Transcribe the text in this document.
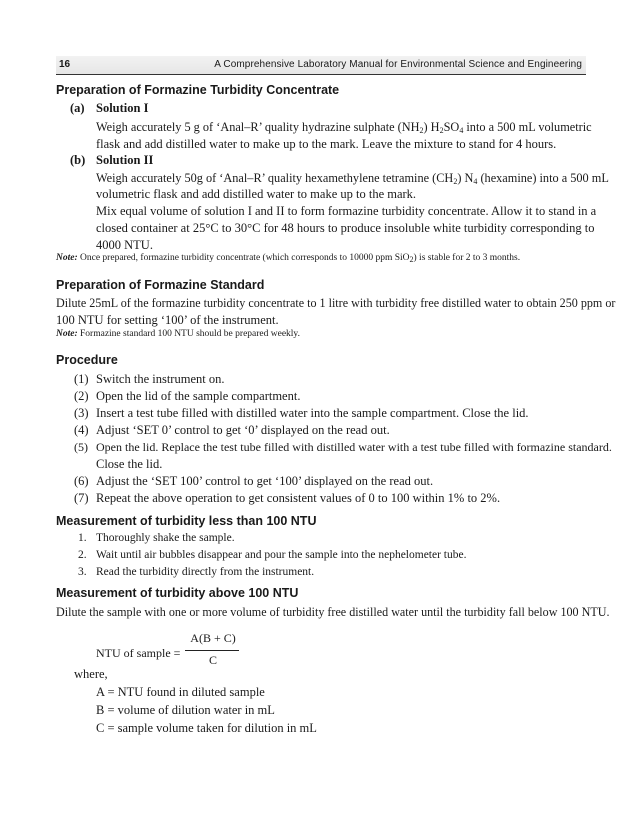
16	A Comprehensive Laboratory Manual for Environmental Science and Engineering
Preparation of Formazine Turbidity Concentrate
(a) Solution I
Weigh accurately 5 g of ‘Anal–R’ quality hydrazine sulphate $(NH_2)$ $H_2SO_4$ into a 500 mL volumetric
flask and add distilled water to make up to the mark. Leave the mixture to stand for 4 hours.
(b) Solution II
Weigh accurately 50g of ‘Anal–R’ quality hexamethylene tetramine $(CH_2)$ $N_4$ (hexamine) into a 500 mL
volumetric flask and add distilled water to make up to the mark.
Mix equal volume of solution I and II to form formazine turbidity concentrate. Allow it to stand in a
closed container at 25°C to 30°C for 48 hours to produce insoluble white turbidity corresponding to
4000 NTU.
Note: Once prepared, formazine turbidity concentrate (which corresponds to 10000 ppm SiO$_2$) is stable for 2 to 3 months.
Preparation of Formazine Standard
Dilute 25mL of the formazine turbidity concentrate to 1 litre with turbidity free distilled water to obtain 250 ppm or
100 NTU for setting ‘100’ of the instrument.
Note: Formazine standard 100 NTU should be prepared weekly.
Procedure
(1) Switch the instrument on.
(2) Open the lid of the sample compartment.
(3) Insert a test tube filled with distilled water into the sample compartment. Close the lid.
(4) Adjust ‘SET 0’ control to get ‘0’ displayed on the read out.
(5) Open the lid. Replace the test tube filled with distilled water with a test tube filled with formazine standard.
Close the lid.
(6) Adjust the ‘SET 100’ control to get ‘100’ displayed on the read out.
(7) Repeat the above operation to get consistent values of 0 to 100 within 1% to 2%.
Measurement of turbidity less than 100 NTU
1. Thoroughly shake the sample.
2. Wait until air bubbles disappear and pour the sample into the nephelometer tube.
3. Read the turbidity directly from the instrument.
Measurement of turbidity above 100 NTU
Dilute the sample with one or more volume of turbidity free distilled water until the turbidity fall below 100 NTU.
NTU of sample =
A(B + C)
C
where,
A = NTU found in diluted sample
B = volume of dilution water in mL
C = sample volume taken for dilution in mL
